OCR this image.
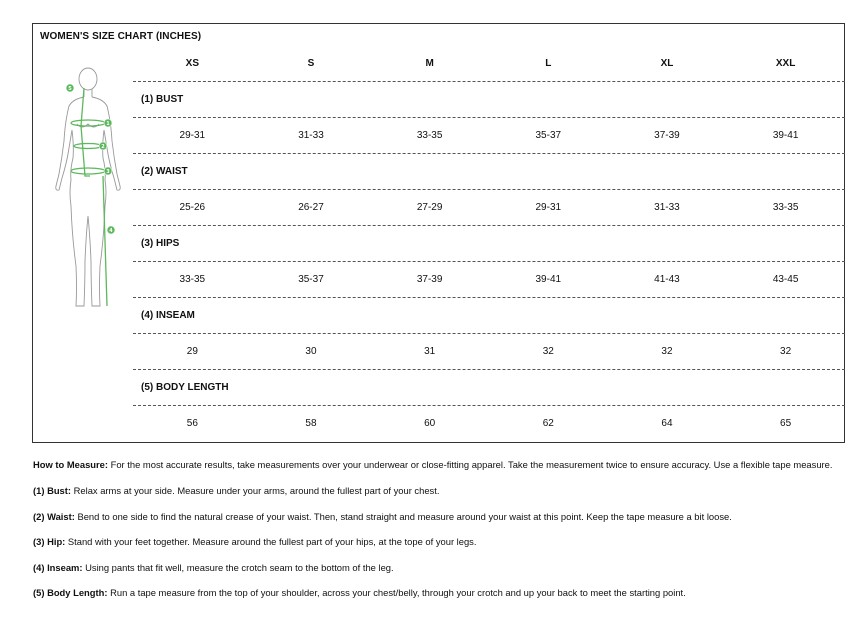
WOMEN'S SIZE CHART (INCHES)
5
1
2
3
4
XS	S	M	L	XL	XXL
(1) BUST
29-31	31-33	33-35	35-37	37-39	39-41
(2) WAIST
25-26	26-27	27-29	29-31	31-33	33-35
(3) HIPS
33-35	35-37	37-39	39-41	41-43	43-45
(4) INSEAM
29	30	31	32	32	32
(5) BODY LENGTH
56	58	60	62	64	65

How to Measure: For the most accurate results, take measurements over your underwear or close-fitting apparel. Take the measurement twice to ensure accuracy. Use a flexible tape measure.

(1) Bust: Relax arms at your side. Measure under your arms, around the fullest part of your chest.

(2) Waist: Bend to one side to find the natural crease of your waist. Then, stand straight and measure around your waist at this point. Keep the tape measure a bit loose.

(3) Hip: Stand with your feet together. Measure around the fullest part of your hips, at the tope of your legs.

(4) Inseam: Using pants that fit well, measure the crotch seam to the bottom of the leg.

(5) Body Length: Run a tape measure from the top of your shoulder, across your chest/belly, through your crotch and up your back to meet the starting point.
